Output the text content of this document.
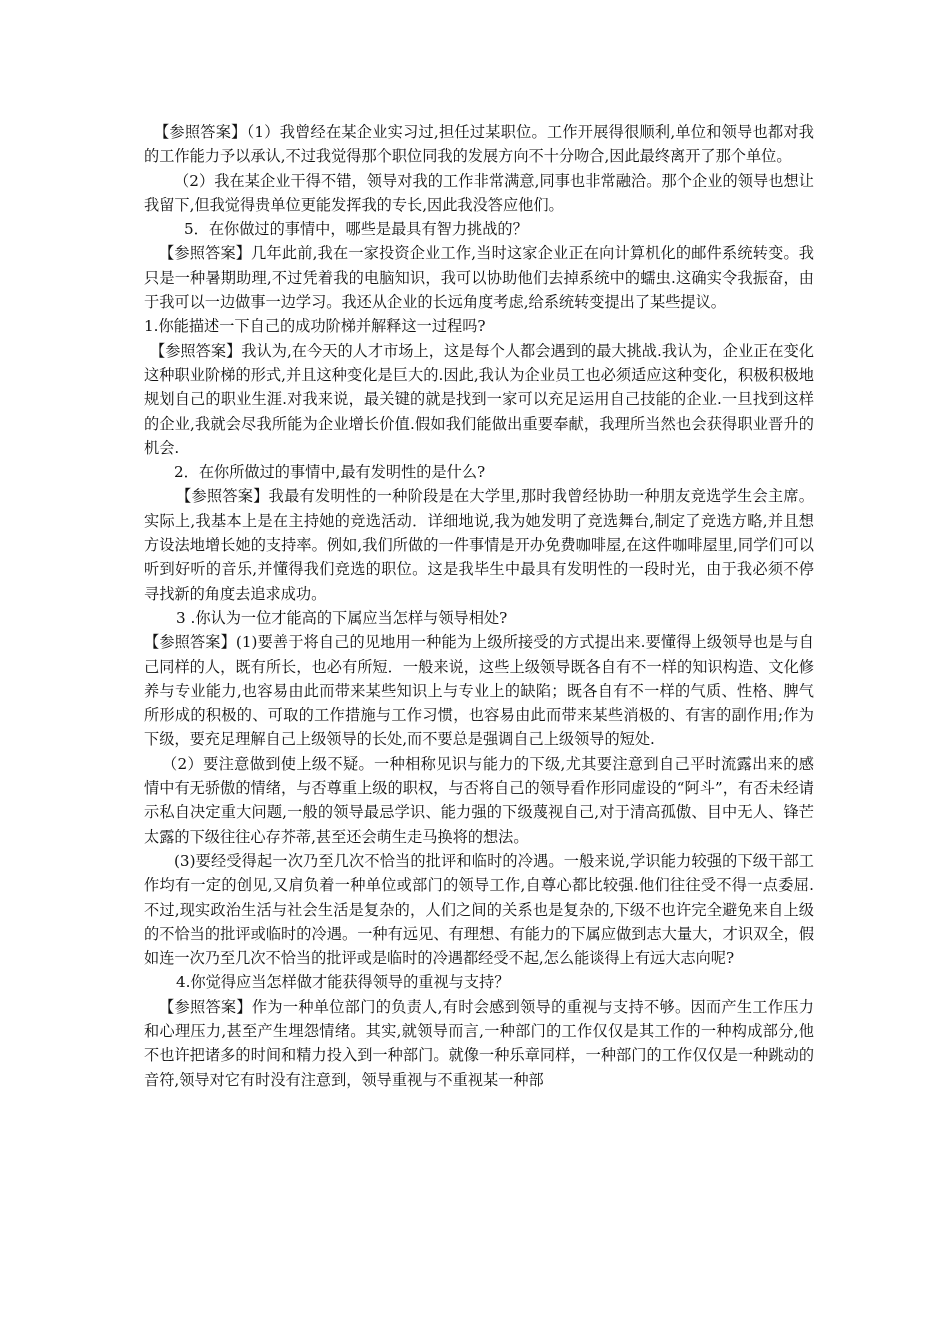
【参照答案】（1）我曾经在某企业实习过,担任过某职位。工作开展得很顺利,单位和领导也都对我的工作能力予以承认,不过我觉得那个职位同我的发展方向不十分吻合,因此最终离开了那个单位。

（2）我在某企业干得不错，领导对我的工作非常满意,同事也非常融洽。那个企业的领导也想让我留下,但我觉得贵单位更能发挥我的专长,因此我没答应他们。

5．在你做过的事情中，哪些是最具有智力挑战的？

【参照答案】几年此前,我在一家投资企业工作,当时这家企业正在向计算机化的邮件系统转变。我只是一种暑期助理,不过凭着我的电脑知识，我可以协助他们去掉系统中的蠕虫.这确实令我振奋，由于我可以一边做事一边学习。我还从企业的长远角度考虑,给系统转变提出了某些提议。

1.你能描述一下自己的成功阶梯并解释这一过程吗?

【参照答案】我认为,在今天的人才市场上，这是每个人都会遇到的最大挑战.我认为，企业正在变化这种职业阶梯的形式,并且这种变化是巨大的.因此,我认为企业员工也必须适应这种变化，积极积极地规划自己的职业生涯.对我来说，最关键的就是找到一家可以充足运用自己技能的企业.一旦找到这样的企业,我就会尽我所能为企业增长价值.假如我们能做出重要奉献，我理所当然也会获得职业晋升的机会.

2．在你所做过的事情中,最有发明性的是什么?

【参照答案】我最有发明性的一种阶段是在大学里,那时我曾经协助一种朋友竞选学生会主席。实际上,我基本上是在主持她的竞选活动．详细地说,我为她发明了竞选舞台,制定了竞选方略,并且想方设法地增长她的支持率。例如,我们所做的一件事情是开办免费咖啡屋,在这件咖啡屋里,同学们可以听到好听的音乐,并懂得我们竞选的职位。这是我毕生中最具有发明性的一段时光，由于我必须不停寻找新的角度去追求成功。

3 .你认为一位才能高的下属应当怎样与领导相处?

【参照答案】(1)要善于将自己的见地用一种能为上级所接受的方式提出来.要懂得上级领导也是与自己同样的人，既有所长，也必有所短．一般来说，这些上级领导既各自有不一样的知识构造、文化修养与专业能力,也容易由此而带来某些知识上与专业上的缺陷；既各自有不一样的气质、性格、脾气所形成的积极的、可取的工作措施与工作习惯，也容易由此而带来某些消极的、有害的副作用;作为下级，要充足理解自己上级领导的长处,而不要总是强调自己上级领导的短处.

（2）要注意做到使上级不疑。一种相称见识与能力的下级,尤其要注意到自己平时流露出来的感情中有无骄傲的情绪，与否尊重上级的职权，与否将自己的领导看作形同虚设的“阿斗”，有否未经请示私自决定重大问题,一般的领导最忌学识、能力强的下级蔑视自己,对于清高孤傲、目中无人、锋芒太露的下级往往心存芥蒂,甚至还会萌生走马换将的想法。

(3)要经受得起一次乃至几次不恰当的批评和临时的冷遇。一般来说,学识能力较强的下级干部工作均有一定的创见,又肩负着一种单位或部门的领导工作,自尊心都比较强.他们往往受不得一点委屈.不过,现实政治生活与社会生活是复杂的，人们之间的关系也是复杂的,下级不也许完全避免来自上级的不恰当的批评或临时的冷遇。一种有远见、有理想、有能力的下属应做到志大量大，才识双全，假如连一次乃至几次不恰当的批评或是临时的冷遇都经受不起,怎么能谈得上有远大志向呢?

4.你觉得应当怎样做才能获得领导的重视与支持？

【参照答案】作为一种单位部门的负责人,有时会感到领导的重视与支持不够。因而产生工作压力和心理压力,甚至产生埋怨情绪。其实,就领导而言,一种部门的工作仅仅是其工作的一种构成部分,他不也许把诸多的时间和精力投入到一种部门。就像一种乐章同样，一种部门的工作仅仅是一种跳动的音符,领导对它有时没有注意到，领导重视与不重视某一种部
